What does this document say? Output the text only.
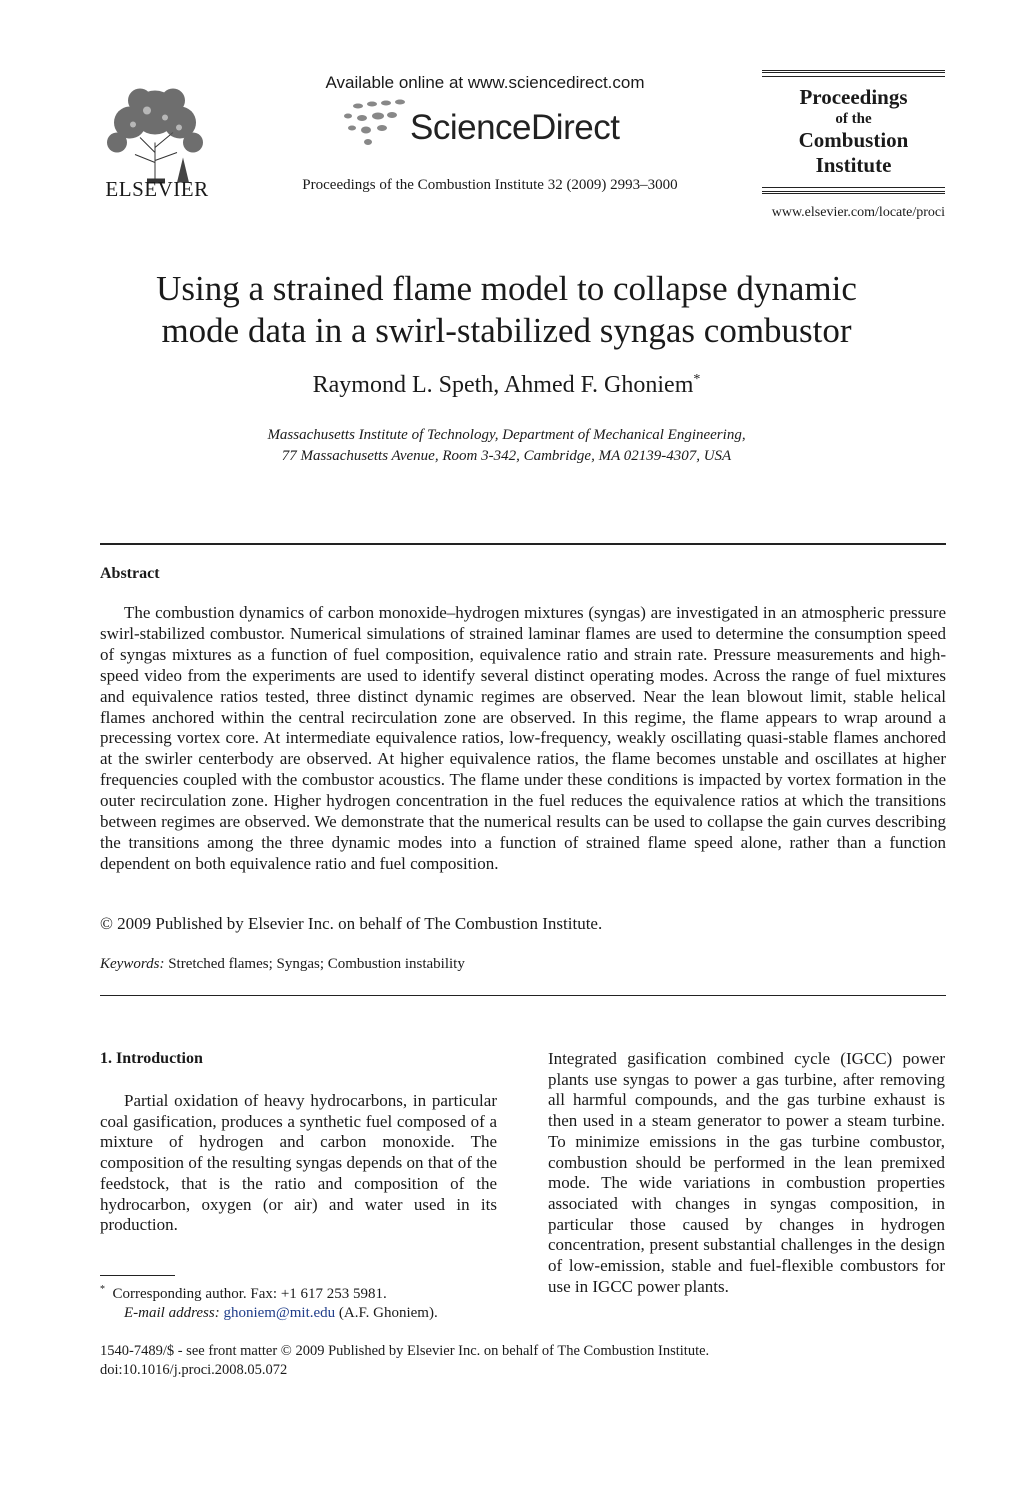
ELSEVIER
Available online at www.sciencedirect.com
ScienceDirect
Proceedings of the Combustion Institute 32 (2009) 2993–3000
Proceedings
of the
Combustion
Institute
www.elsevier.com/locate/proci
Using a strained flame model to collapse dynamic
mode data in a swirl-stabilized syngas combustor
Raymond L. Speth, Ahmed F. Ghoniem*
Massachusetts Institute of Technology, Department of Mechanical Engineering,
77 Massachusetts Avenue, Room 3-342, Cambridge, MA 02139-4307, USA
Abstract
The combustion dynamics of carbon monoxide–hydrogen mixtures (syngas) are investigated in an atmospheric pressure swirl-stabilized combustor. Numerical simulations of strained laminar flames are used to determine the consumption speed of syngas mixtures as a function of fuel composition, equivalence ratio and strain rate. Pressure measurements and high-speed video from the experiments are used to identify several distinct operating modes. Across the range of fuel mixtures and equivalence ratios tested, three distinct dynamic regimes are observed. Near the lean blowout limit, stable helical flames anchored within the central recirculation zone are observed. In this regime, the flame appears to wrap around a precessing vortex core. At intermediate equivalence ratios, low-frequency, weakly oscillating quasi-stable flames anchored at the swirler centerbody are observed. At higher equivalence ratios, the flame becomes unstable and oscillates at higher frequencies coupled with the combustor acoustics. The flame under these conditions is impacted by vortex formation in the outer recirculation zone. Higher hydrogen concentration in the fuel reduces the equivalence ratios at which the transitions between regimes are observed. We demonstrate that the numerical results can be used to collapse the gain curves describing the transitions among the three dynamic modes into a function of strained flame speed alone, rather than a function dependent on both equivalence ratio and fuel composition.
© 2009 Published by Elsevier Inc. on behalf of The Combustion Institute.
Keywords: Stretched flames; Syngas; Combustion instability
1. Introduction
Partial oxidation of heavy hydrocarbons, in particular coal gasification, produces a synthetic fuel composed of a mixture of hydrogen and carbon monoxide. The composition of the resulting syngas depends on that of the feedstock, that is the ratio and composition of the hydrocarbon, oxygen (or air) and water used in its production.
Integrated gasification combined cycle (IGCC) power plants use syngas to power a gas turbine, after removing all harmful compounds, and the gas turbine exhaust is then used in a steam generator to power a steam turbine. To minimize emissions in the gas turbine combustor, combustion should be performed in the lean premixed mode. The wide variations in combustion properties associated with changes in syngas composition, in particular those caused by changes in hydrogen concentration, present substantial challenges in the design of low-emission, stable and fuel-flexible combustors for use in IGCC power plants.
* Corresponding author. Fax: +1 617 253 5981.
E-mail address: ghoniem@mit.edu (A.F. Ghoniem).
1540-7489/$ - see front matter © 2009 Published by Elsevier Inc. on behalf of The Combustion Institute.
doi:10.1016/j.proci.2008.05.072
